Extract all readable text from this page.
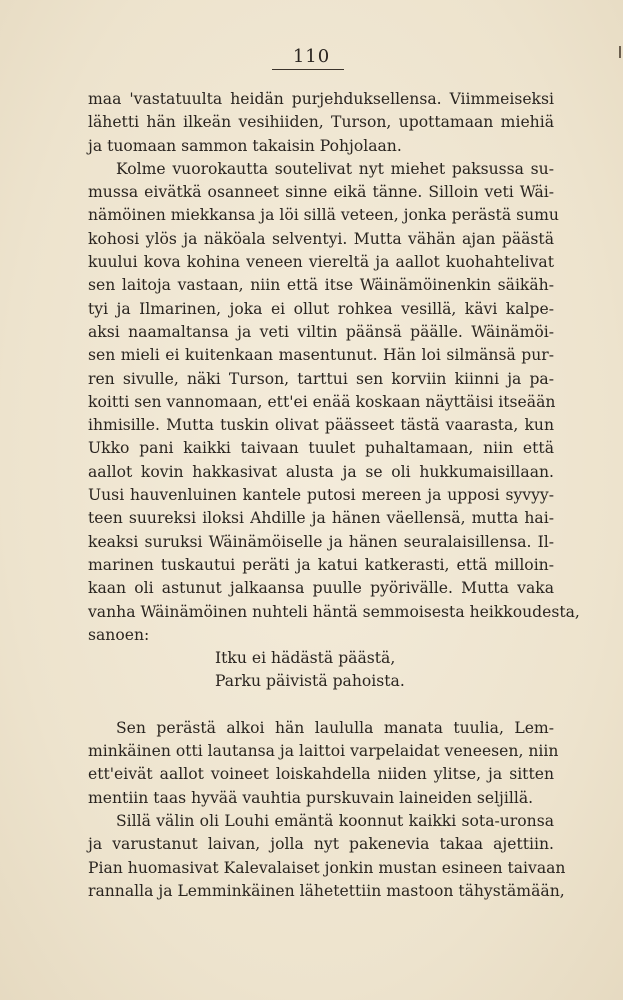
110
maa 'vastatuulta heidän purjehduksellensa. Viimmeiseksi
lähetti hän ilkeän vesihiiden, Turson, upottamaan miehiä
ja tuomaan sammon takaisin Pohjolaan.
Kolme vuorokautta soutelivat nyt miehet paksussa su-
mussa eivätkä osanneet sinne eikä tänne. Silloin veti Wäi-
nämöinen miekkansa ja löi sillä veteen, jonka perästä sumu
kohosi ylös ja näköala selventyi. Mutta vähän ajan päästä
kuului kova kohina veneen viereltä ja aallot kuohahtelivat
sen laitoja vastaan, niin että itse Wäinämöinenkin säikäh-
tyi ja Ilmarinen, joka ei ollut rohkea vesillä, kävi kalpe-
aksi naamaltansa ja veti viltin päänsä päälle. Wäinämöi-
sen mieli ei kuitenkaan masentunut. Hän loi silmänsä pur-
ren sivulle, näki Turson, tarttui sen korviin kiinni ja pa-
koitti sen vannomaan, ett'ei enää koskaan näyttäisi itseään
ihmisille. Mutta tuskin olivat päässeet tästä vaarasta, kun
Ukko pani kaikki taivaan tuulet puhaltamaan, niin että
aallot kovin hakkasivat alusta ja se oli hukkumaisillaan.
Uusi hauvenluinen kantele putosi mereen ja upposi syvyy-
teen suureksi iloksi Ahdille ja hänen väellensä, mutta hai-
keaksi suruksi Wäinämöiselle ja hänen seuralaisillensa. Il-
marinen tuskautui peräti ja katui katkerasti, että milloin-
kaan oli astunut jalkaansa puulle pyörivälle. Mutta vaka
vanha Wäinämöinen nuhteli häntä semmoisesta heikkoudesta,
sanoen:
Itku ei hädästä päästä,
Parku päivistä pahoista.
Sen perästä alkoi hän laululla manata tuulia, Lem-
minkäinen otti lautansa ja laittoi varpelaidat veneesen, niin
ett'eivät aallot voineet loiskahdella niiden ylitse, ja sitten
mentiin taas hyvää vauhtia purskuvain laineiden seljillä.
Sillä välin oli Louhi emäntä koonnut kaikki sota-uronsa
ja varustanut laivan, jolla nyt pakenevia takaa ajettiin.
Pian huomasivat Kalevalaiset jonkin mustan esineen taivaan
rannalla ja Lemminkäinen lähetettiin mastoon tähystämään,
